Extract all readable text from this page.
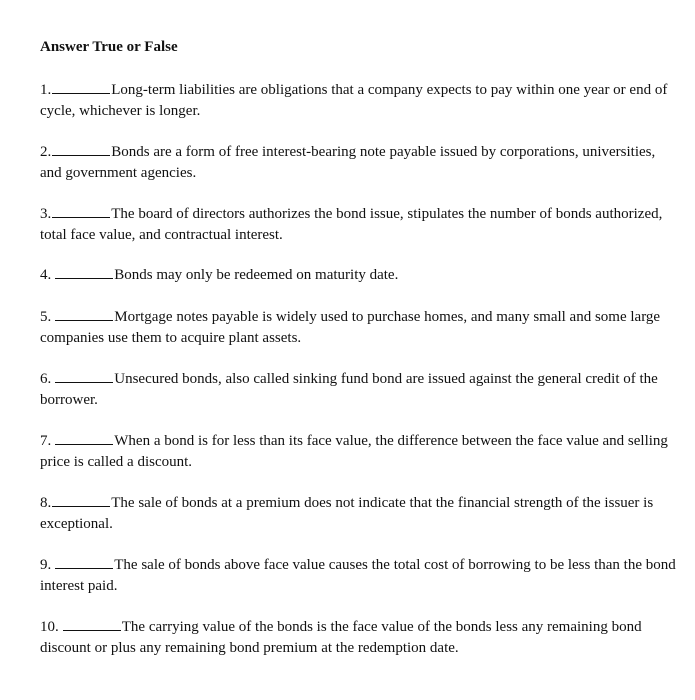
Answer True or False
1.	Long-term liabilities are obligations that a company expects to pay within one year or end of cycle, whichever is longer.
2.	Bonds are a form of free interest-bearing note payable issued by corporations, universities, and government agencies.
3.	The board of directors authorizes the bond issue, stipulates the number of bonds authorized, total face value, and contractual interest.
4.	Bonds may only be redeemed on maturity date.
5.	Mortgage notes payable is widely used to purchase homes, and many small and some large companies use them to acquire plant assets.
6.	Unsecured bonds, also called sinking fund bond are issued against the general credit of the borrower.
7.	When a bond is for less than its face value, the difference between the face value and selling price is called a discount.
8.	The sale of bonds at a premium does not indicate that the financial strength of the issuer is exceptional.
9.	The sale of bonds above face value causes the total cost of borrowing to be less than the bond interest paid.
10.	The carrying value of the bonds is the face value of the bonds less any remaining bond discount or plus any remaining bond premium at the redemption date.
